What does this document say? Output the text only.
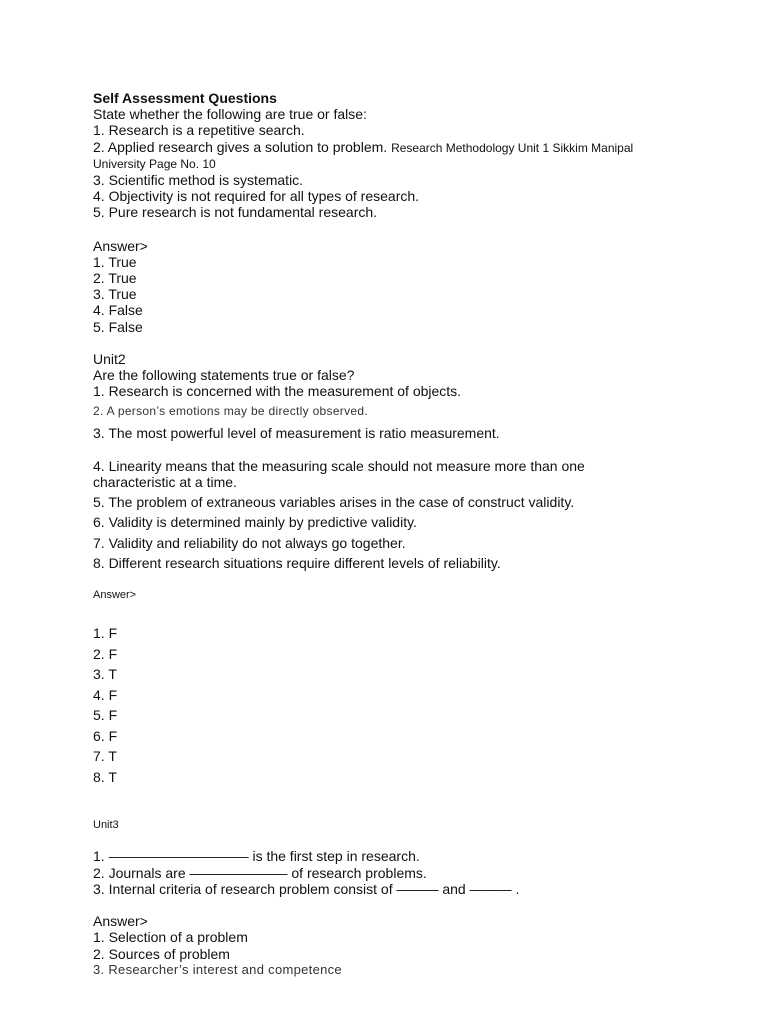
Self Assessment Questions
State whether the following are true or false:
1. Research is a repetitive search.
2. Applied research gives a solution to problem. Research Methodology Unit 1 Sikkim Manipal
University Page No. 10
3. Scientific method is systematic.
4. Objectivity is not required for all types of research.
5. Pure research is not fundamental research.
Answer>
1. True
2. True
3. True
4. False
5. False
Unit2
Are the following statements true or false?
1. Research is concerned with the measurement of objects.
2. A person’s emotions may be directly observed.
3. The most powerful level of measurement is ratio measurement.
4. Linearity means that the measuring scale should not measure more than one
characteristic at a time.
5. The problem of extraneous variables arises in the case of construct validity.
6. Validity is determined mainly by predictive validity.
7. Validity and reliability do not always go together.
8. Different research situations require different levels of reliability.
Answer>
1. F
2. F
3. T
4. F
5. F
6. F
7. T
8. T
Unit3
1. —————————— is the first step in research.
2. Journals are ——————— of research problems.
3. Internal criteria of research problem consist of ——— and ——— .
Answer>
1. Selection of a problem
2. Sources of problem
3. Researcher’s interest and competence
